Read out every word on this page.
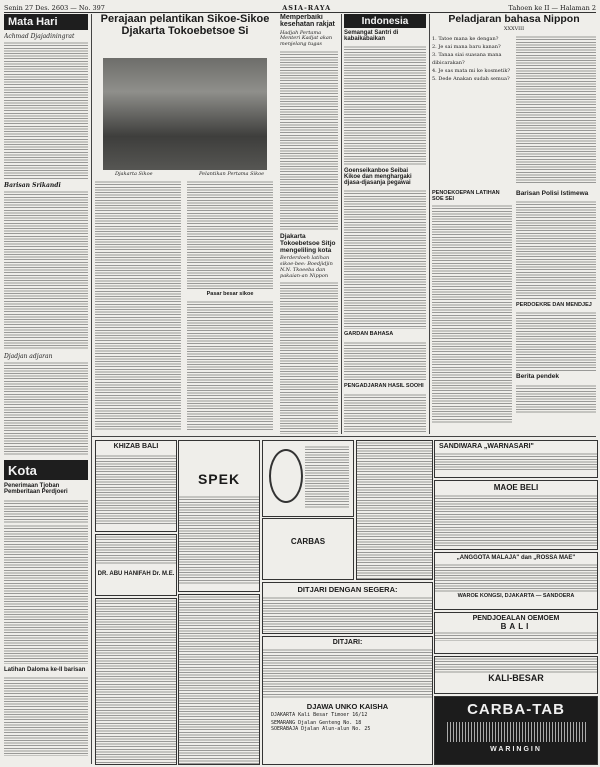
Senin 27 Des. 2603 — No. 397	ASIA-RAYA	Tahoen ke II — Halaman 2
Mata Hari
Achmad Djajadiningrat
Barisan Srikandi
Djadjan adjaran
Kota
Penerimaan Tjoban Pemberitaan Perdjoeri
Latihan Daloma ke-II barisan
Perajaan pelantikan Sikoe-Sikoe Djakarta Tokoebetsoe Si
Djakarta Sikoe	Pelantikan Pertama Sikoe
Pasar besar sikoe
Memperbaiki kesehatan rakjat
Hadjah Pertama Menteri Kadjat akan menjelang tugas
Djakarta Tokoebetsoe Sitjo mengeliling kota
Berderdoeh latihan sikoe-bee: Boedjidjin N.N. Tkoeeba dan pakaian-an Nippon
Indonesia
Semangat Santri di kabaikabaikan
Goenseikanboe Seibai Kikoe dan menghargaki djasa-djasanja pegawai
GARDAN BAHASA
PENGADJARAN HASIL SOOHI
Peladjaran bahasa Nippon
XXXVIII
1. Tatoe mana ke dengan?
2. Je sai mana baru kanan?
3. Tanaa siai suasana mana dibicarakan?
4. Je sas mata mi ke kosmetik?
5. Dede Anakan sudah semua?
PENOEKOEPAN LATIHAN SOE SEI
Barisan Polisi Istimewa
PERDOEKRE DAN MENDJEJ
Berita pendek
KHIZAB BALI
DR. ABU HANIFAH Dr. M.E.
SPEK
CARBAS
DITJARI DENGAN SEGERA:
DITJARI:
DJAWA UNKO KAISHA
DJAKARTA Kali Besar Timoer 16/12
SEMARANG Djalan Genteng No. 18
SOERABAJA Djalan Alun-alun No. 25
SANDIWARA „WARNASARI"
MAOE BELI
„ANGGOTA MALAJA" dan „ROSSA MAE"
WAROE KONGSI, DJAKARTA — SANDOERA
PENDJOEALAN OEMOEM
BALI
KALI-BESAR
CARBA-TAB
WARINGIN
